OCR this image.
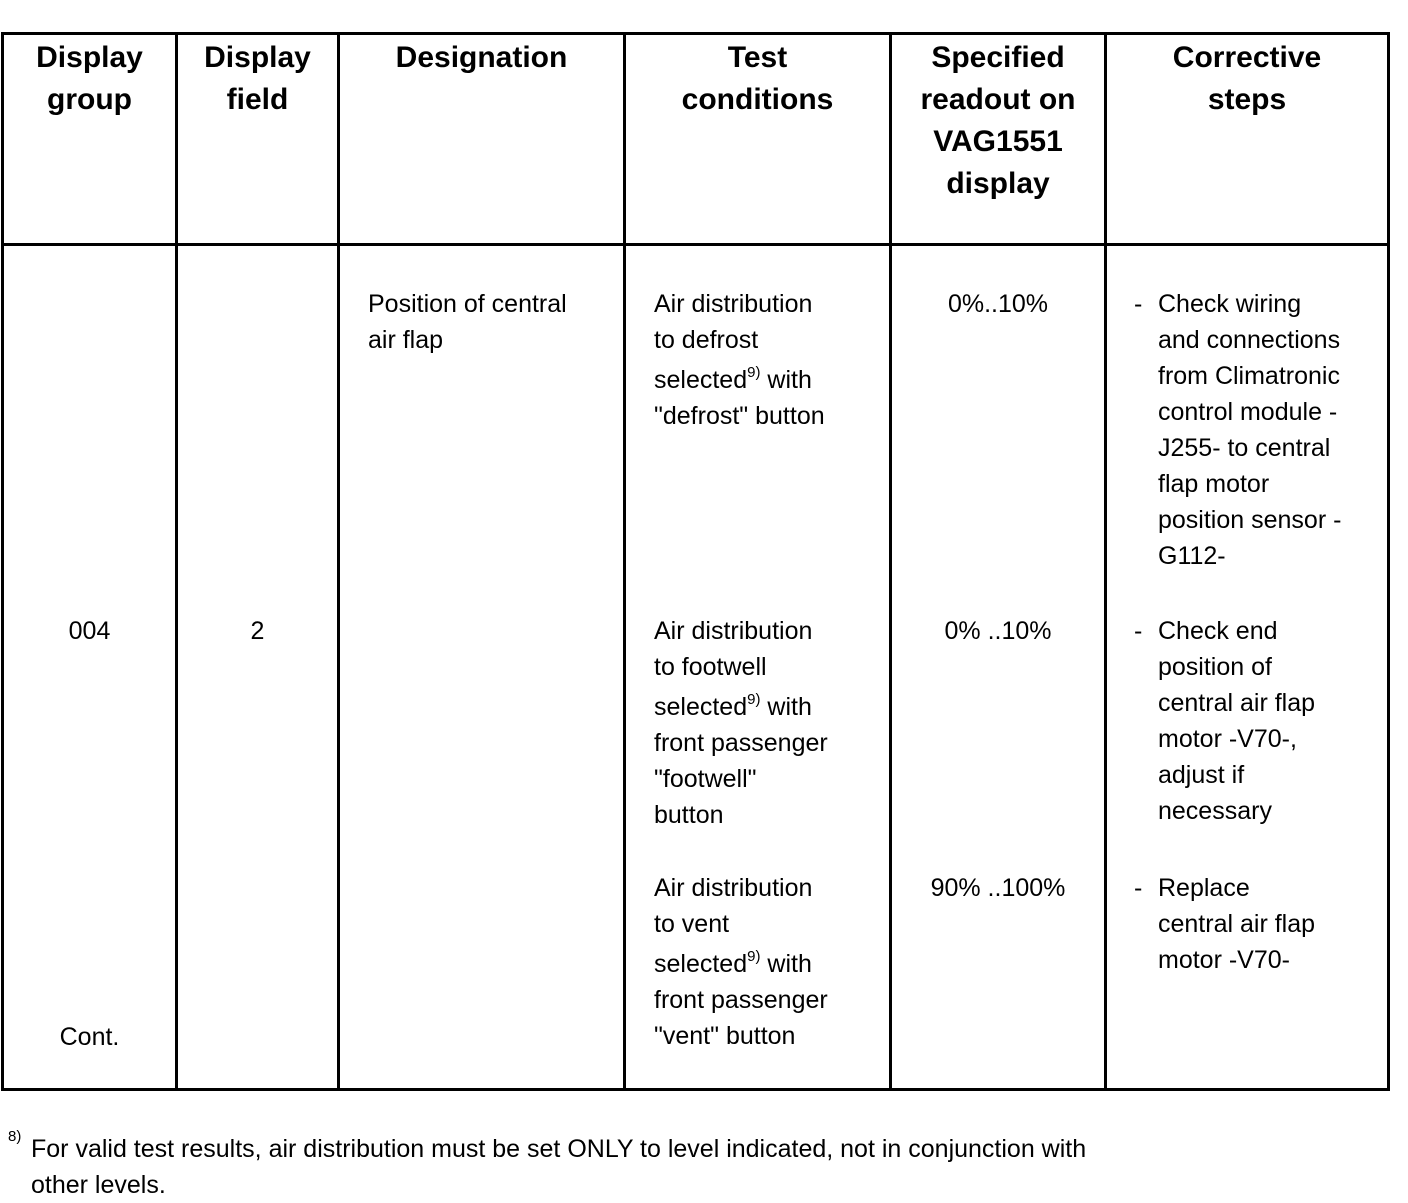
Display
group
Display
field
Designation	Test
conditions
Specified
readout on
VAG1551
display
Corrective
steps
004
Cont.
2
Position of central
air flap
Air distribution
to defrost
selected$^{9)}$ with
"defrost" button
Air distribution
to footwell
selected$^{9)}$ with
front passenger
"footwell"
button
Air distribution
to vent
selected$^{9)}$ with
front passenger
"vent" button
0%..10%
0% ..10%
90% ..100%
- Check wiring
and connections
from Climatronic
control module -
J255- to central
flap motor
position sensor -
G112-
- Check end
position of
central air flap
motor -V70-,
adjust if
necessary
- Replace
central air flap
motor -V70-
8) For valid test results, air distribution must be set ONLY to level indicated, not in conjunction with
other levels.
